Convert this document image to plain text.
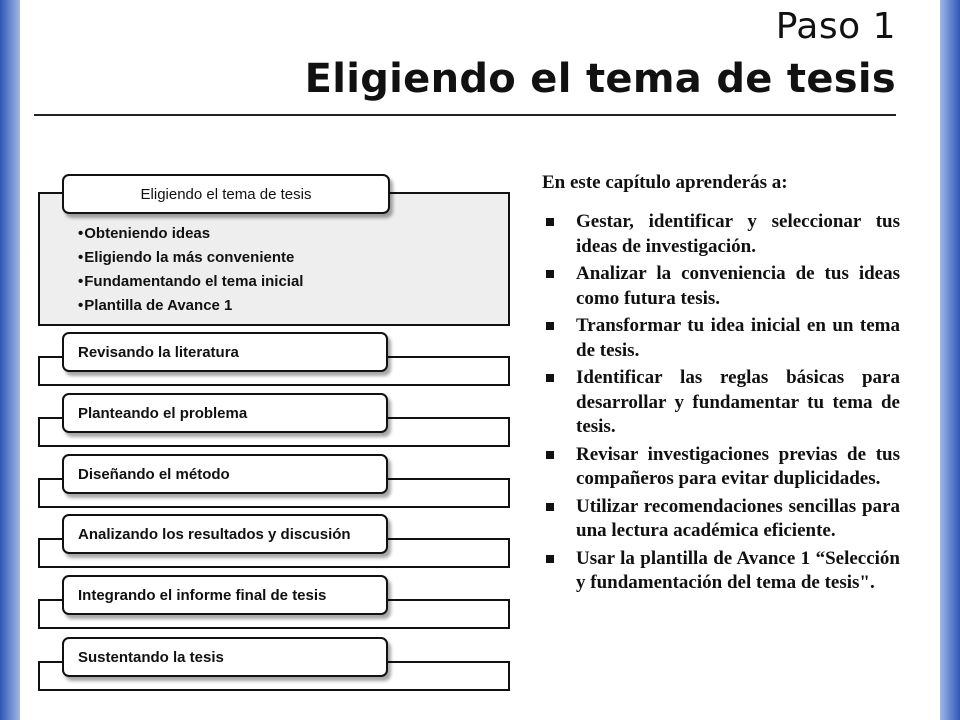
Paso 1
Eligiendo el tema de tesis
Eligiendo el tema de tesis
• Obteniendo ideas
• Eligiendo la más conveniente
• Fundamentando el tema inicial
• Plantilla de Avance 1
Revisando la literatura
Planteando el problema
Diseñando el método
Analizando los resultados y discusión
Integrando el informe final de tesis
Sustentando la tesis

En este capítulo aprenderás a:

Gestar, identificar y seleccionar tus ideas de investigación.
Analizar la conveniencia de tus ideas como futura tesis.
Transformar tu idea inicial en un tema de tesis.
Identificar las reglas básicas para desarrollar y fundamentar tu tema de tesis.
Revisar investigaciones previas de tus compañeros para evitar duplicidades.
Utilizar recomendaciones sencillas para una lectura académica eficiente.
Usar la plantilla de Avance 1 “Selección y fundamentación del tema de tesis".
